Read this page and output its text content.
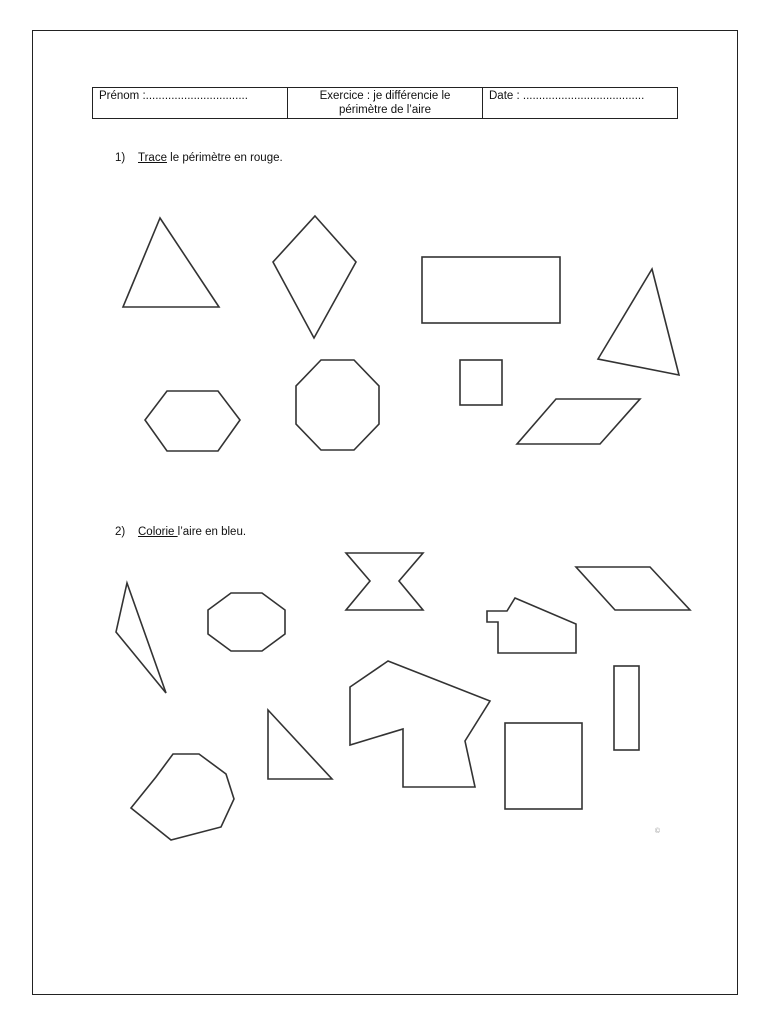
Prénom :................................	Exercice : je différencie le
périmètre de l’aire
Date : ......................................
1) Trace le périmètre en rouge.
2) Colorie l’aire en bleu.
©
